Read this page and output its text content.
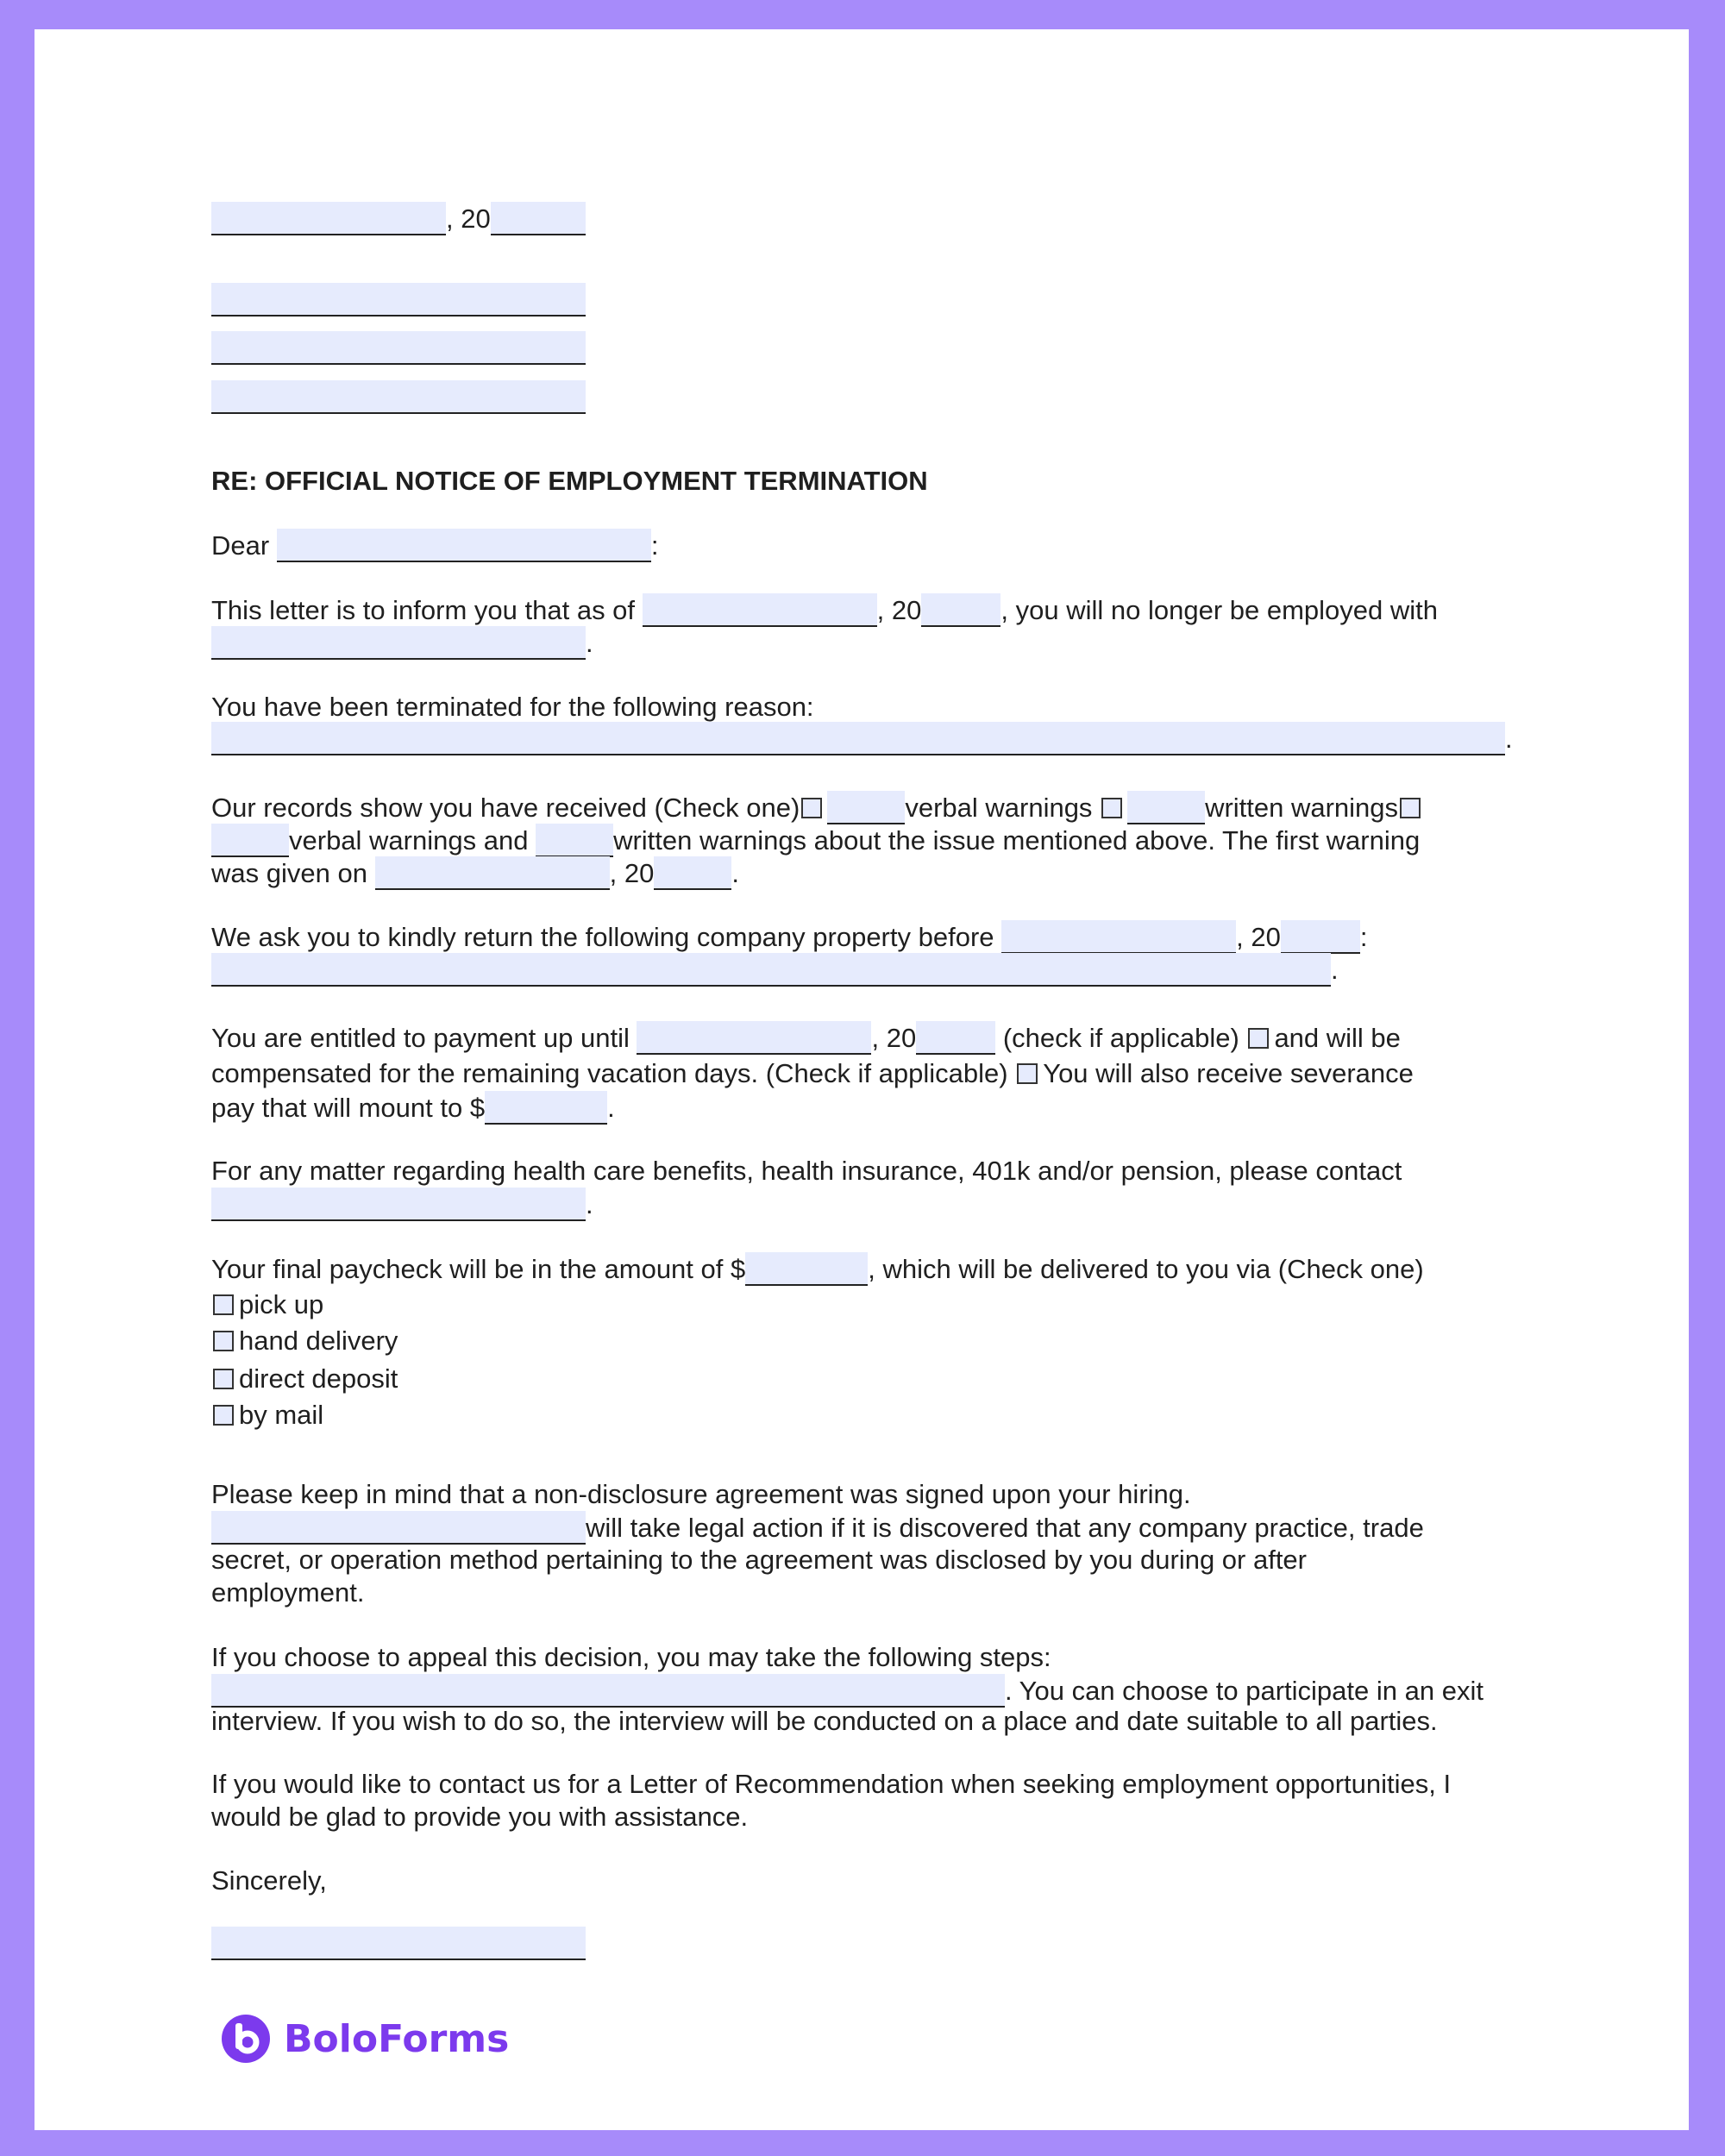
, 20
RE: OFFICIAL NOTICE OF EMPLOYMENT TERMINATION
Dear	:
This letter is to inform you that as of	, 20	, you will no longer be employed with
.
You have been terminated for the following reason:
.
Our records show you have received (Check one)	verbal warnings	written warnings
verbal warnings and	written warnings about the issue mentioned above. The first warning
was given on	, 20	.
We ask you to kindly return the following company property before	, 20	:
.
You are entitled to payment up until	, 20	(check if applicable) and will be
compensated for the remaining vacation days. (Check if applicable) You will also receive severance
pay that will mount to $	.
For any matter regarding health care benefits, health insurance, 401k and/or pension, please contact
.
Your final paycheck will be in the amount of $	, which will be delivered to you via (Check one)
pick up
hand delivery
direct deposit
by mail
Please keep in mind that a non-disclosure agreement was signed upon your hiring.
will take legal action if it is discovered that any company practice, trade
secret, or operation method pertaining to the agreement was disclosed by you during or after
employment.
If you choose to appeal this decision, you may take the following steps:
. You can choose to participate in an exit
interview. If you wish to do so, the interview will be conducted on a place and date suitable to all parties.
If you would like to contact us for a Letter of Recommendation when seeking employment opportunities, I
would be glad to provide you with assistance.
Sincerely,
BoloForms
